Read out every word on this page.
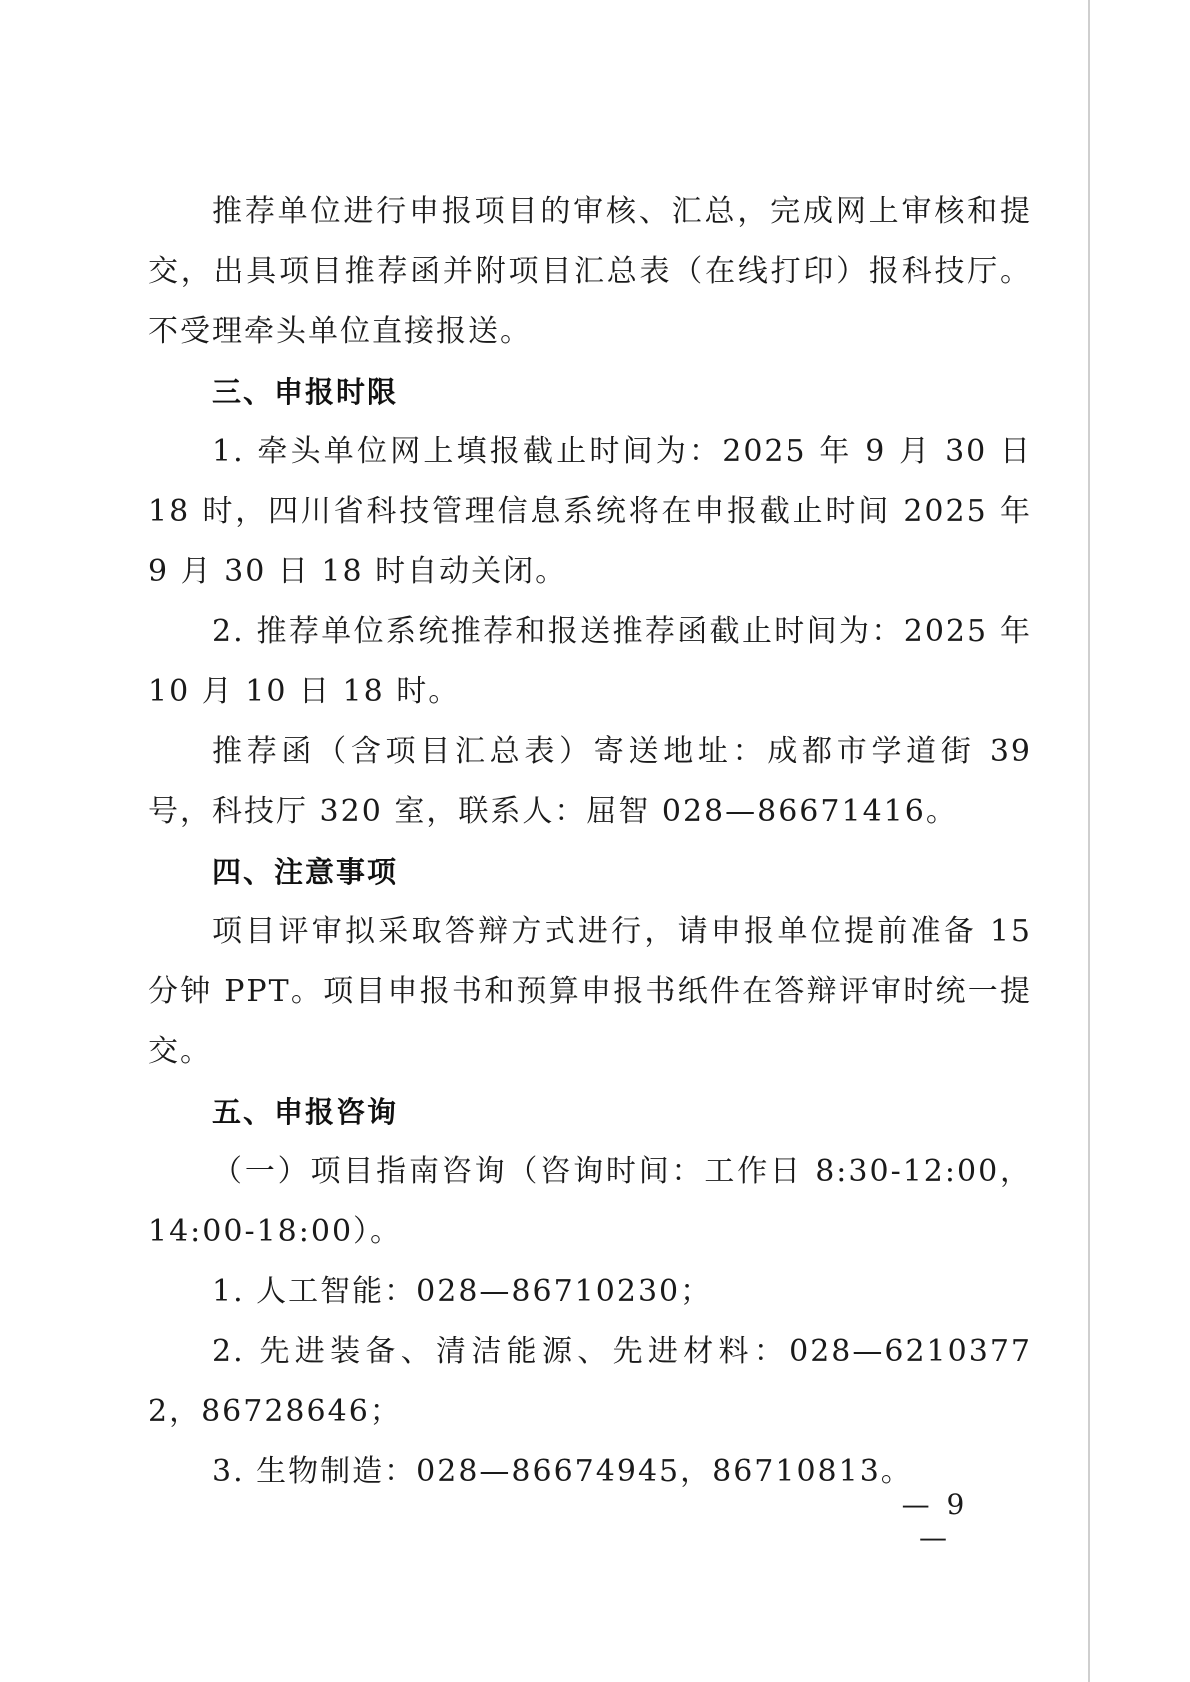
推荐单位进行申报项目的审核、汇总，完成网上审核和提交，出具项目推荐函并附项目汇总表（在线打印）报科技厅。不受理牵头单位直接报送。

三、申报时限

1. 牵头单位网上填报截止时间为：2025 年 9 月 30 日 18 时，四川省科技管理信息系统将在申报截止时间 2025 年 9 月 30 日 18 时自动关闭。

2. 推荐单位系统推荐和报送推荐函截止时间为：2025 年 10 月 10 日 18 时。

推荐函（含项目汇总表）寄送地址：成都市学道街 39 号，科技厅 320 室，联系人：屈智 028—86671416。

四、注意事项

项目评审拟采取答辩方式进行，请申报单位提前准备 15 分钟 PPT。项目申报书和预算申报书纸件在答辩评审时统一提交。

五、申报咨询

（一）项目指南咨询（咨询时间：工作日 8:30-12:00，14:00-18:00）。

1. 人工智能：028—86710230；

2. 先进装备、清洁能源、先进材料：028—62103772，86728646；

3. 生物制造：028—86674945，86710813。

— 9 —
